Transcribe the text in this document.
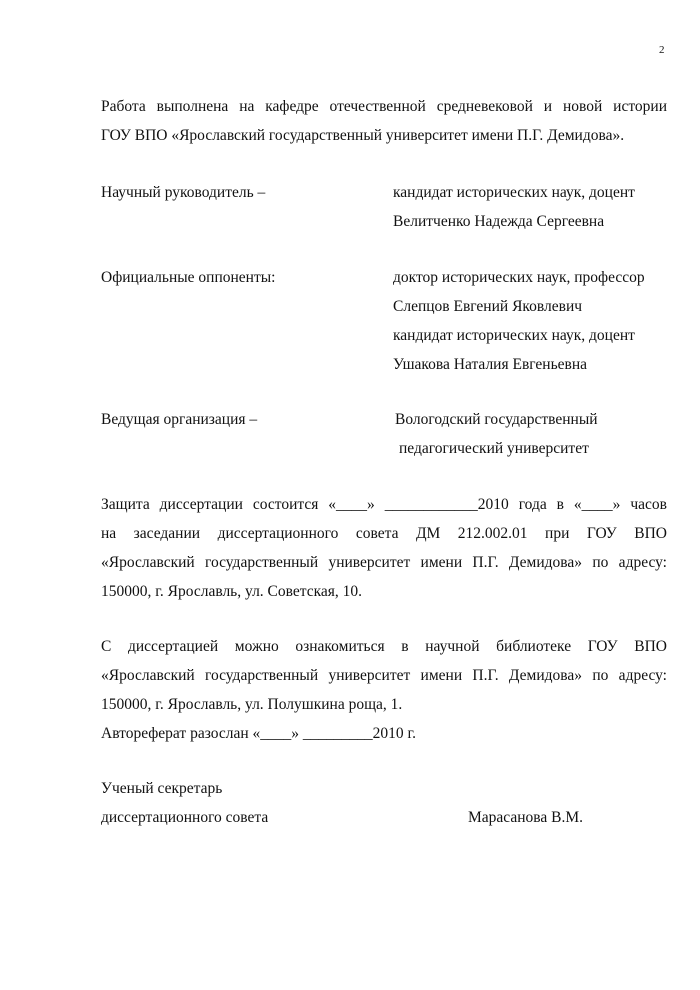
2
Работа выполнена на кафедре отечественной средневековой и новой истории
ГОУ ВПО «Ярославский государственный университет имени П.Г. Демидова».
Научный руководитель –	кандидат исторических наук, доцент
Велитченко Надежда Сергеевна
Официальные оппоненты:	доктор исторических наук, профессор
Слепцов Евгений Яковлевич
кандидат исторических наук, доцент
Ушакова Наталия Евгеньевна
Ведущая организация –	Вологодский государственный
педагогический университет
Защита диссертации состоится «____» ____________2010 года в «____» часов
на заседании диссертационного совета ДМ 212.002.01 при ГОУ ВПО
«Ярославский государственный университет имени П.Г. Демидова» по адресу:
150000, г. Ярославль, ул. Советская, 10.
С диссертацией можно ознакомиться в научной библиотеке ГОУ ВПО
«Ярославский государственный университет имени П.Г. Демидова» по адресу:
150000, г. Ярославль, ул. Полушкина роща, 1.
Автореферат разослан «____» _________2010 г.
Ученый секретарь
диссертационного совета	Марасанова В.М.
